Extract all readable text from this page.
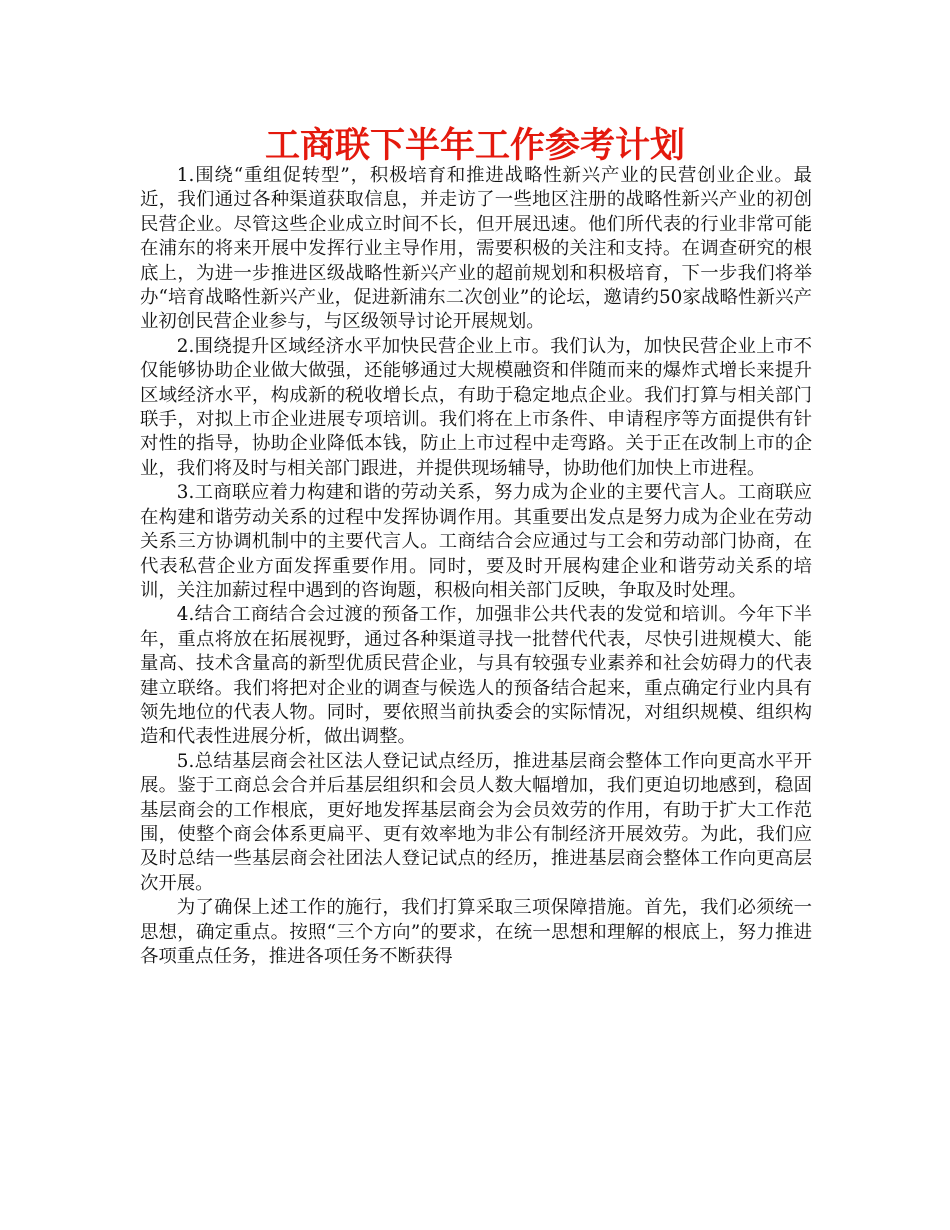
工商联下半年工作参考计划

1.围绕“重组促转型”，积极培育和推进战略性新兴产业的民营创业企业。最近，我们通过各种渠道获取信息，并走访了一些地区注册的战略性新兴产业的初创民营企业。尽管这些企业成立时间不长，但开展迅速。他们所代表的行业非常可能在浦东的将来开展中发挥行业主导作用，需要积极的关注和支持。在调查研究的根底上，为进一步推进区级战略性新兴产业的超前规划和积极培育，下一步我们将举办“培育战略性新兴产业，促进新浦东二次创业”的论坛，邀请约50家战略性新兴产业初创民营企业参与，与区级领导讨论开展规划。

2.围绕提升区域经济水平加快民营企业上市。我们认为，加快民营企业上市不仅能够协助企业做大做强，还能够通过大规模融资和伴随而来的爆炸式增长来提升区域经济水平，构成新的税收增长点，有助于稳定地点企业。我们打算与相关部门联手，对拟上市企业进展专项培训。我们将在上市条件、申请程序等方面提供有针对性的指导，协助企业降低本钱，防止上市过程中走弯路。关于正在改制上市的企业，我们将及时与相关部门跟进，并提供现场辅导，协助他们加快上市进程。

3.工商联应着力构建和谐的劳动关系，努力成为企业的主要代言人。工商联应在构建和谐劳动关系的过程中发挥协调作用。其重要出发点是努力成为企业在劳动关系三方协调机制中的主要代言人。工商结合会应通过与工会和劳动部门协商，在代表私营企业方面发挥重要作用。同时，要及时开展构建企业和谐劳动关系的培训，关注加薪过程中遇到的咨询题，积极向相关部门反映，争取及时处理。

4.结合工商结合会过渡的预备工作，加强非公共代表的发觉和培训。今年下半年，重点将放在拓展视野，通过各种渠道寻找一批替代代表，尽快引进规模大、能量高、技术含量高的新型优质民营企业，与具有较强专业素养和社会妨碍力的代表建立联络。我们将把对企业的调查与候选人的预备结合起来，重点确定行业内具有领先地位的代表人物。同时，要依照当前执委会的实际情况，对组织规模、组织构造和代表性进展分析，做出调整。

5.总结基层商会社区法人登记试点经历，推进基层商会整体工作向更高水平开展。鉴于工商总会合并后基层组织和会员人数大幅增加，我们更迫切地感到，稳固基层商会的工作根底，更好地发挥基层商会为会员效劳的作用，有助于扩大工作范围，使整个商会体系更扁平、更有效率地为非公有制经济开展效劳。为此，我们应及时总结一些基层商会社团法人登记试点的经历，推进基层商会整体工作向更高层次开展。

为了确保上述工作的施行，我们打算采取三项保障措施。首先，我们必须统一思想，确定重点。按照“三个方向”的要求，在统一思想和理解的根底上，努力推进各项重点任务，推进各项任务不断获得
